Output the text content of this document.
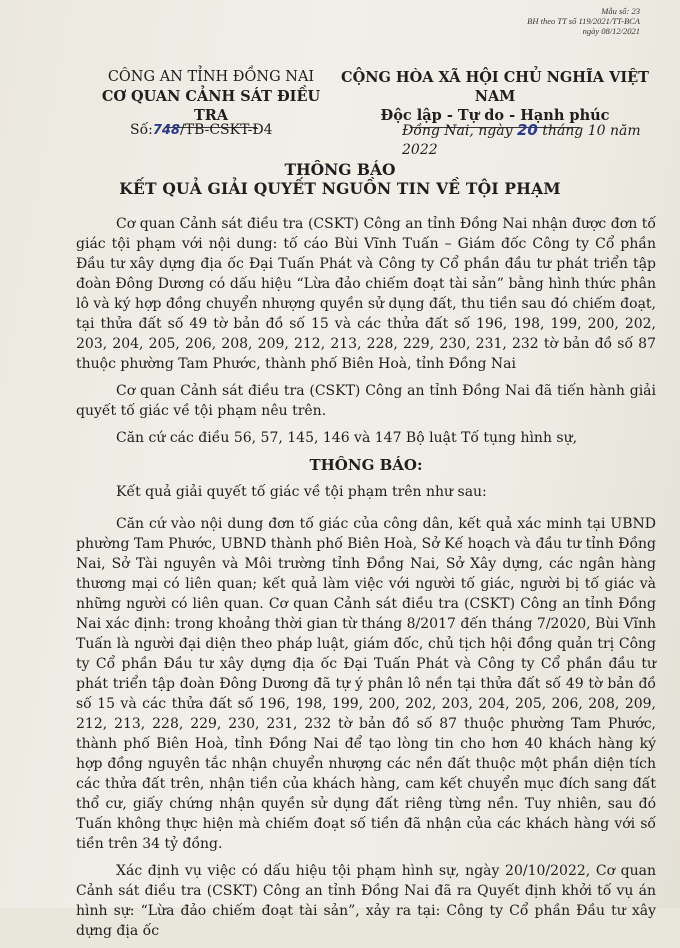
Mẫu số: 23
BH theo TT số 119/2021/TT-BCA
ngày 08/12/2021
CÔNG AN TỈNH ĐỒNG NAI
CƠ QUAN CẢNH SÁT ĐIỀU TRA
CỘNG HÒA XÃ HỘI CHỦ NGHĨA VIỆT NAM
Độc lập - Tự do - Hạnh phúc
Số:748/TB-CSKT-Đ4	Đồng Nai, ngày 20 tháng 10 năm 2022
THÔNG BÁO
KẾT QUẢ GIẢI QUYẾT NGUỒN TIN VỀ TỘI PHẠM

Cơ quan Cảnh sát điều tra (CSKT) Công an tỉnh Đồng Nai nhận được đơn tố giác tội phạm với nội dung: tố cáo Bùi Vĩnh Tuấn – Giám đốc Công ty Cổ phần Đầu tư xây dựng địa ốc Đại Tuấn Phát và Công ty Cổ phần đầu tư phát triển tập đoàn Đông Dương có dấu hiệu “Lừa đảo chiếm đoạt tài sản” bằng hình thức phân lô và ký hợp đồng chuyển nhượng quyền sử dụng đất, thu tiền sau đó chiếm đoạt, tại thửa đất số 49 tờ bản đồ số 15 và các thửa đất số 196, 198, 199, 200, 202, 203, 204, 205, 206, 208, 209, 212, 213, 228, 229, 230, 231, 232 tờ bản đồ số 87 thuộc phường Tam Phước, thành phố Biên Hoà, tỉnh Đồng Nai

Cơ quan Cảnh sát điều tra (CSKT) Công an tỉnh Đồng Nai đã tiến hành giải quyết tố giác về tội phạm nêu trên.

Căn cứ các điều 56, 57, 145, 146 và 147 Bộ luật Tố tụng hình sự,

THÔNG BÁO:

Kết quả giải quyết tố giác về tội phạm trên như sau:

Căn cứ vào nội dung đơn tố giác của công dân, kết quả xác minh tại UBND phường Tam Phước, UBND thành phố Biên Hoà, Sở Kế hoạch và đầu tư tỉnh Đồng Nai, Sở Tài nguyên và Môi trường tỉnh Đồng Nai, Sở Xây dựng, các ngân hàng thương mại có liên quan; kết quả làm việc với người tố giác, người bị tố giác và những người có liên quan. Cơ quan Cảnh sát điều tra (CSKT) Công an tỉnh Đồng Nai xác định: trong khoảng thời gian từ tháng 8/2017 đến tháng 7/2020, Bùi Vĩnh Tuấn là người đại diện theo pháp luật, giám đốc, chủ tịch hội đồng quản trị Công ty Cổ phần Đầu tư xây dựng địa ốc Đại Tuấn Phát và Công ty Cổ phần đầu tư phát triển tập đoàn Đông Dương đã tự ý phân lô nền tại thửa đất số 49 tờ bản đồ số 15 và các thửa đất số 196, 198, 199, 200, 202, 203, 204, 205, 206, 208, 209, 212, 213, 228, 229, 230, 231, 232 tờ bản đồ số 87 thuộc phường Tam Phước, thành phố Biên Hoà, tỉnh Đồng Nai để tạo lòng tin cho hơn 40 khách hàng ký hợp đồng nguyên tắc nhận chuyển nhượng các nền đất thuộc một phần diện tích các thửa đất trên, nhận tiền của khách hàng, cam kết chuyển mục đích sang đất thổ cư, giấy chứng nhận quyền sử dụng đất riêng từng nền. Tuy nhiên, sau đó Tuấn không thực hiện mà chiếm đoạt số tiền đã nhận của các khách hàng với số tiền trên 34 tỷ đồng.

Xác định vụ việc có dấu hiệu tội phạm hình sự, ngày 20/10/2022, Cơ quan Cảnh sát điều tra (CSKT) Công an tỉnh Đồng Nai đã ra Quyết định khởi tố vụ án hình sự: “Lừa đảo chiếm đoạt tài sản”, xảy ra tại: Công ty Cổ phần Đầu tư xây dựng địa ốc
